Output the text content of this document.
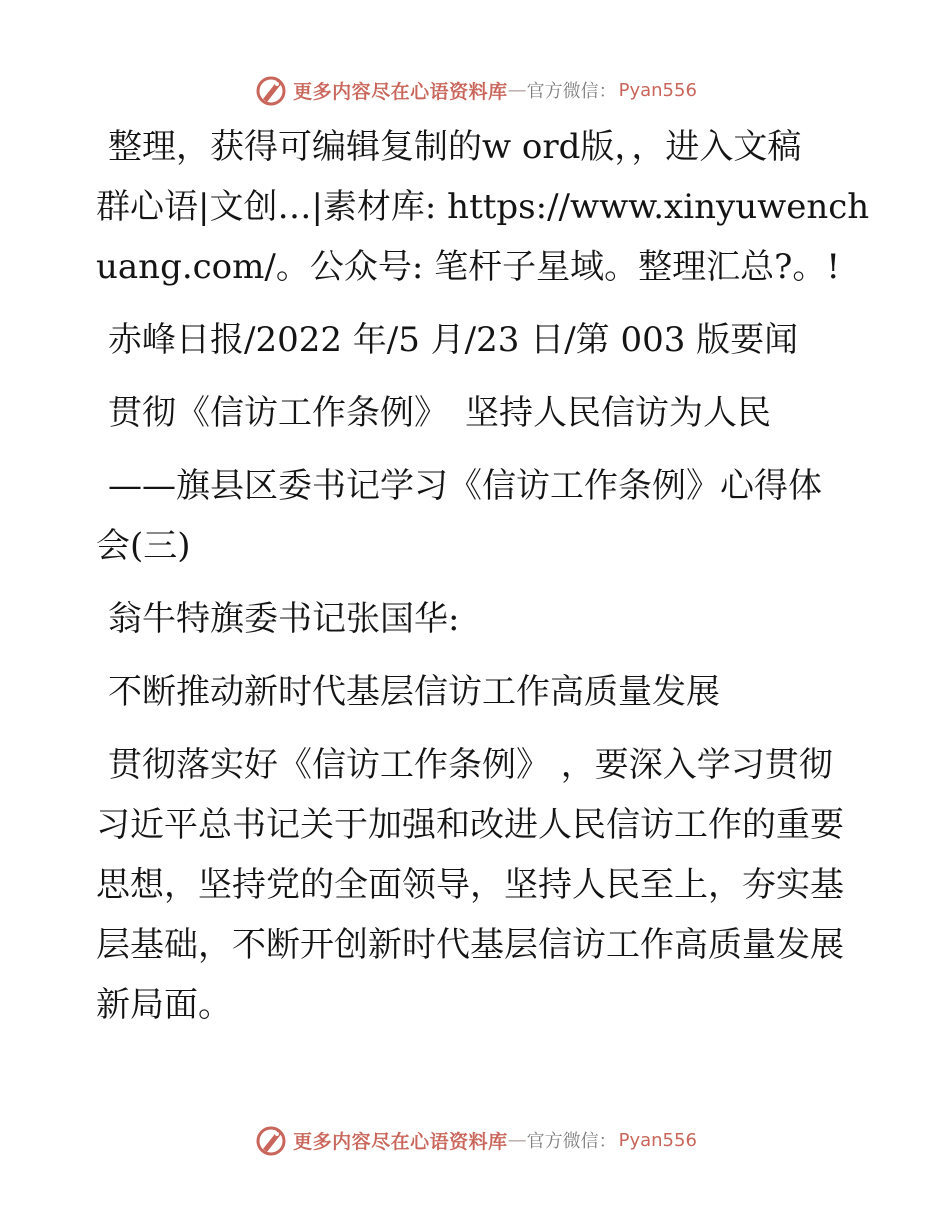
更多内容尽在心语资料库 — 官方微信： Pyan556

整理，获得可编辑复制的w ord版，，进入文稿
群心语|文创…|素材库: https://www.xinyuwench
uang.com/。公众号: 笔杆子星域。整理汇总?。!

赤峰日报/2022 年/5 月/23 日/第 003 版要闻

贯彻《信访工作条例》　坚持人民信访为人民

——旗县区委书记学习《信访工作条例》心得体
会(三)

翁牛特旗委书记张国华:

不断推动新时代基层信访工作高质量发展

贯彻落实好《信访工作条例》 ，要深入学习贯彻
习近平总书记关于加强和改进人民信访工作的重要
思想，坚持党的全面领导，坚持人民至上，夯实基
层基础，不断开创新时代基层信访工作高质量发展
新局面。

更多内容尽在心语资料库 — 官方微信： Pyan556
